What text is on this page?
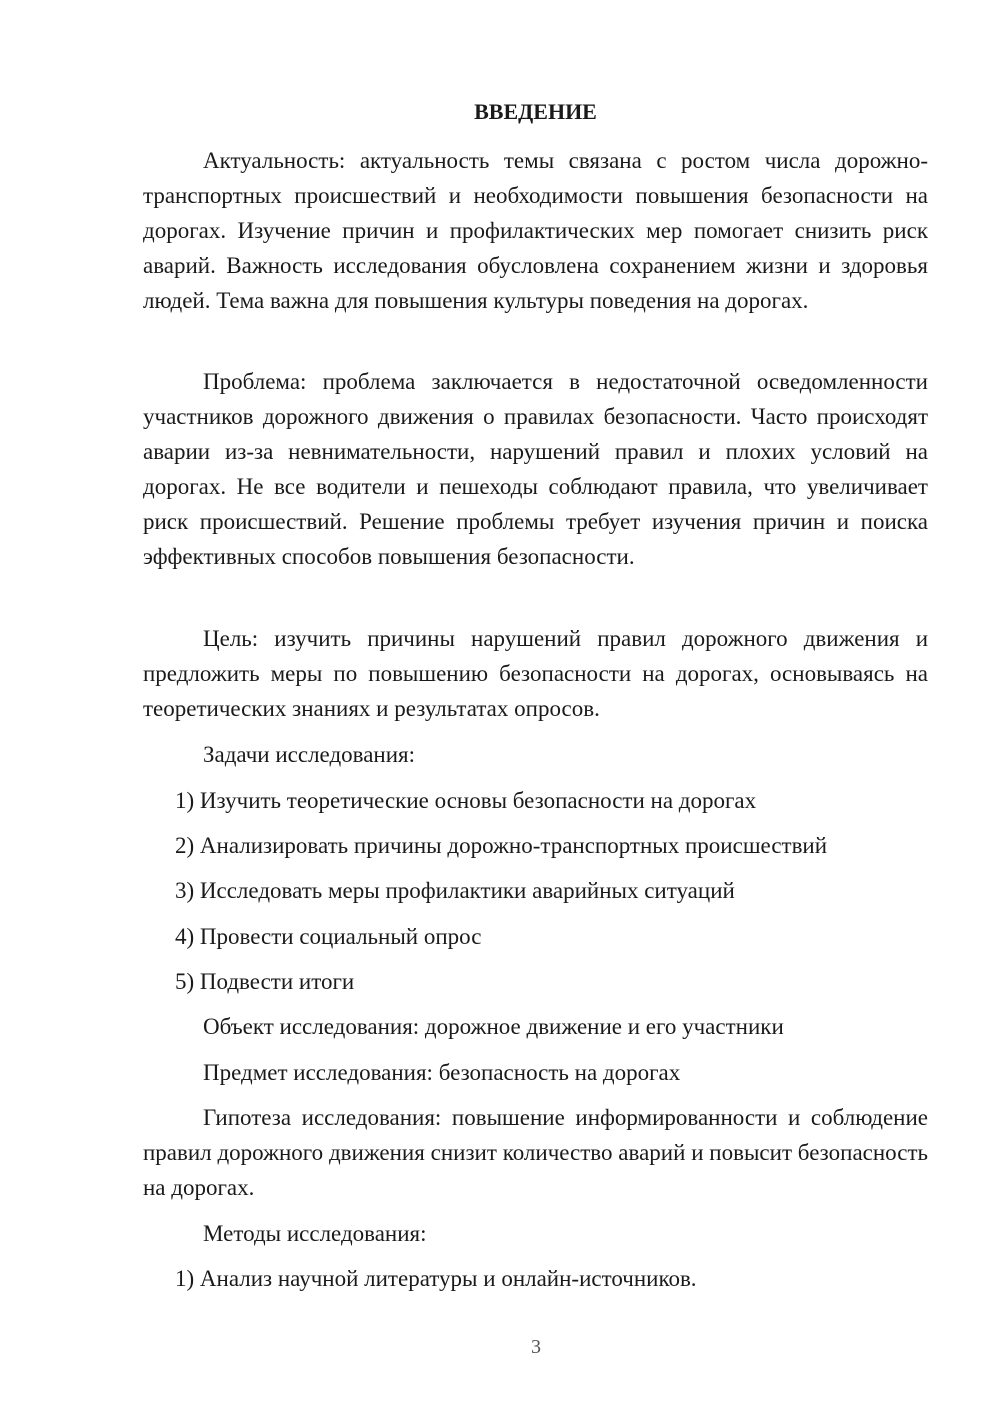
ВВЕДЕНИЕ

Актуальность: актуальность темы связана с ростом числа дорожно-транспортных происшествий и необходимости повышения безопасности на дорогах. Изучение причин и профилактических мер помогает снизить риск аварий. Важность исследования обусловлена сохранением жизни и здоровья людей. Тема важна для повышения культуры поведения на дорогах.

Проблема: проблема заключается в недостаточной осведомленности участников дорожного движения о правилах безопасности. Часто происходят аварии из-за невнимательности, нарушений правил и плохих условий на дорогах. Не все водители и пешеходы соблюдают правила, что увеличивает риск происшествий. Решение проблемы требует изучения причин и поиска эффективных способов повышения безопасности.

Цель: изучить причины нарушений правил дорожного движения и предложить меры по повышению безопасности на дорогах, основываясь на теоретических знаниях и результатах опросов.

Задачи исследования:

1) Изучить теоретические основы безопасности на дорогах

2) Анализировать причины дорожно-транспортных происшествий

3) Исследовать меры профилактики аварийных ситуаций

4) Провести социальный опрос

5) Подвести итоги

Объект исследования: дорожное движение и его участники

Предмет исследования: безопасность на дорогах

Гипотеза исследования: повышение информированности и соблюдение правил дорожного движения снизит количество аварий и повысит безопасность на дорогах.

Методы исследования:

1) Анализ научной литературы и онлайн-источников.

3
